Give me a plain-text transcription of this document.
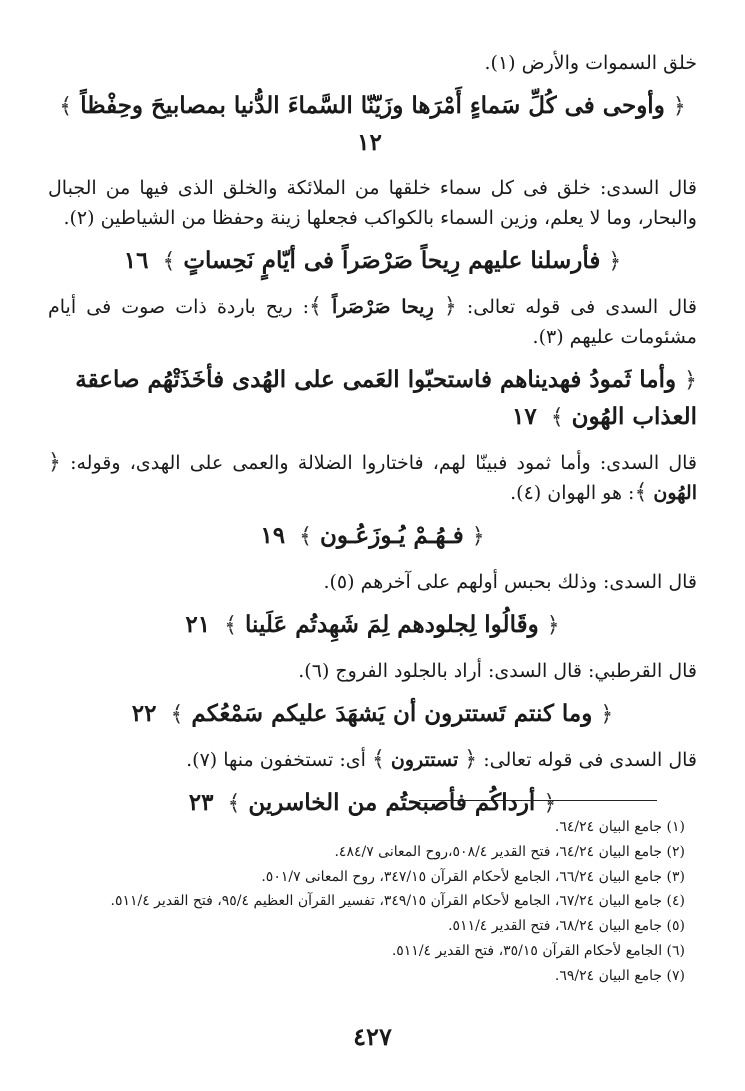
خلق السموات والأرض (١).

﴿ وأوحى فى كُلِّ سَماءٍ أَمْرَها وزَيّنّا السَّماءَ الدُّنيا بمصابيحَ وحِفْظاً ﴾ ١٢

قال السدى: خلق فى كل سماء خلقها من الملائكة والخلق الذى فيها من الجبال والبحار، وما لا يعلم، وزين السماء بالكواكب فجعلها زينة وحفظا من الشياطين (٢).

﴿ فأرسلنا عليهم رِيحاً صَرْصَراً فى أيّامٍ نَحِساتٍ ﴾ ١٦

قال السدى فى قوله تعالى: ﴿ رِيحا صَرْصَراً ﴾: ريح باردة ذات صوت فى أيام مشئومات عليهم (٣).

﴿ وأما ثَمودُ فهديناهم فاستحبّوا العَمى على الهُدى فأخَذَتْهُم صاعقة العذاب الهُون ﴾ ١٧

قال السدى: وأما ثمود فبينّا لهم، فاختاروا الضلالة والعمى على الهدى، وقوله: ﴿ الهُون ﴾: هو الهوان (٤).

﴿ فـهُـمْ يُـوزَعُـون ﴾ ١٩

قال السدى: وذلك بحبس أولهم على آخرهم (٥).

﴿ وقَالُوا لِجلودهم لِمَ شَهِدتُم عَلَينا ﴾ ٢١

قال القرطبي: قال السدى: أراد بالجلود الفروج (٦).

﴿ وما كنتم تَستترون أن يَشهَدَ عليكم سَمْعُكم ﴾ ٢٢

قال السدى فى قوله تعالى: ﴿ تستترون ﴾ أى: تستخفون منها (٧).

﴿ أرداكُم فأصبحتُم من الخاسرين ﴾ ٢٣
(١) جامع البيان ٦٤/٢٤.
(٢) جامع البيان ٦٤/٢٤، فتح القدير ٥٠٨/٤،روح المعانى ٤٨٤/٧.
(٣) جامع البيان ٦٦/٢٤، الجامع لأحكام القرآن ٣٤٧/١٥، روح المعانى ٥٠١/٧.
(٤) جامع البيان ٦٧/٢٤، الجامع لأحكام القرآن ٣٤٩/١٥، تفسير القرآن العظيم ٩٥/٤، فتح القدير ٥١١/٤.
(٥) جامع البيان ٦٨/٢٤، فتح القدير ٥١١/٤.
(٦) الجامع لأحكام القرآن ٣٥/١٥، فتح القدير ٥١١/٤.
(٧) جامع البيان ٦٩/٢٤.
٤٢٧
